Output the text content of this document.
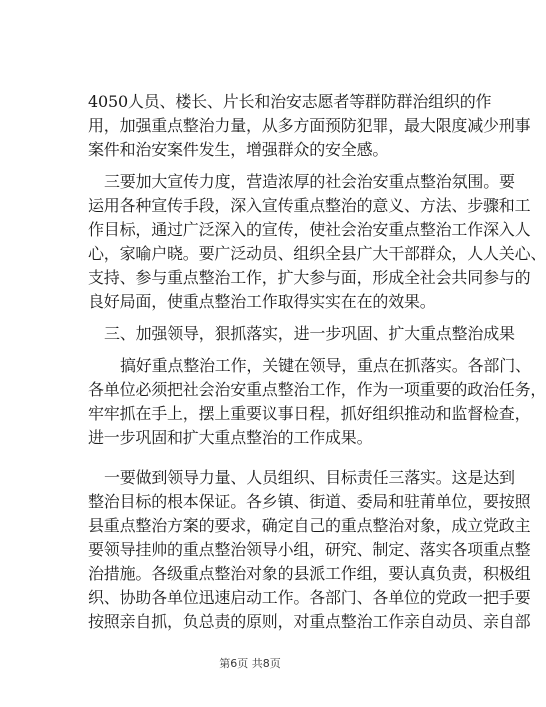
4050人员、楼长、片长和治安志愿者等群防群治组织的作
用，加强重点整治力量，从多方面预防犯罪，最大限度减少刑事
案件和治安案件发生，增强群众的安全感。
三要加大宣传力度，营造浓厚的社会治安重点整治氛围。要
运用各种宣传手段，深入宣传重点整治的意义、方法、步骤和工
作目标，通过广泛深入的宣传，使社会治安重点整治工作深入人
心，家喻户晓。要广泛动员、组织全县广大干部群众，人人关心、
支持、参与重点整治工作，扩大参与面，形成全社会共同参与的
良好局面，使重点整治工作取得实实在在的效果。
三、加强领导，狠抓落实，进一步巩固、扩大重点整治成果
搞好重点整治工作，关键在领导，重点在抓落实。各部门、
各单位必须把社会治安重点整治工作，作为一项重要的政治任务，
牢牢抓在手上，摆上重要议事日程，抓好组织推动和监督检查，
进一步巩固和扩大重点整治的工作成果。
一要做到领导力量、人员组织、目标责任三落实。这是达到
整治目标的根本保证。各乡镇、街道、委局和驻莆单位，要按照
县重点整治方案的要求，确定自己的重点整治对象，成立党政主
要领导挂帅的重点整治领导小组，研究、制定、落实各项重点整
治措施。各级重点整治对象的县派工作组，要认真负责，积极组
织、协助各单位迅速启动工作。各部门、各单位的党政一把手要
按照亲自抓，负总责的原则，对重点整治工作亲自动员、亲自部
第6页 共8页
